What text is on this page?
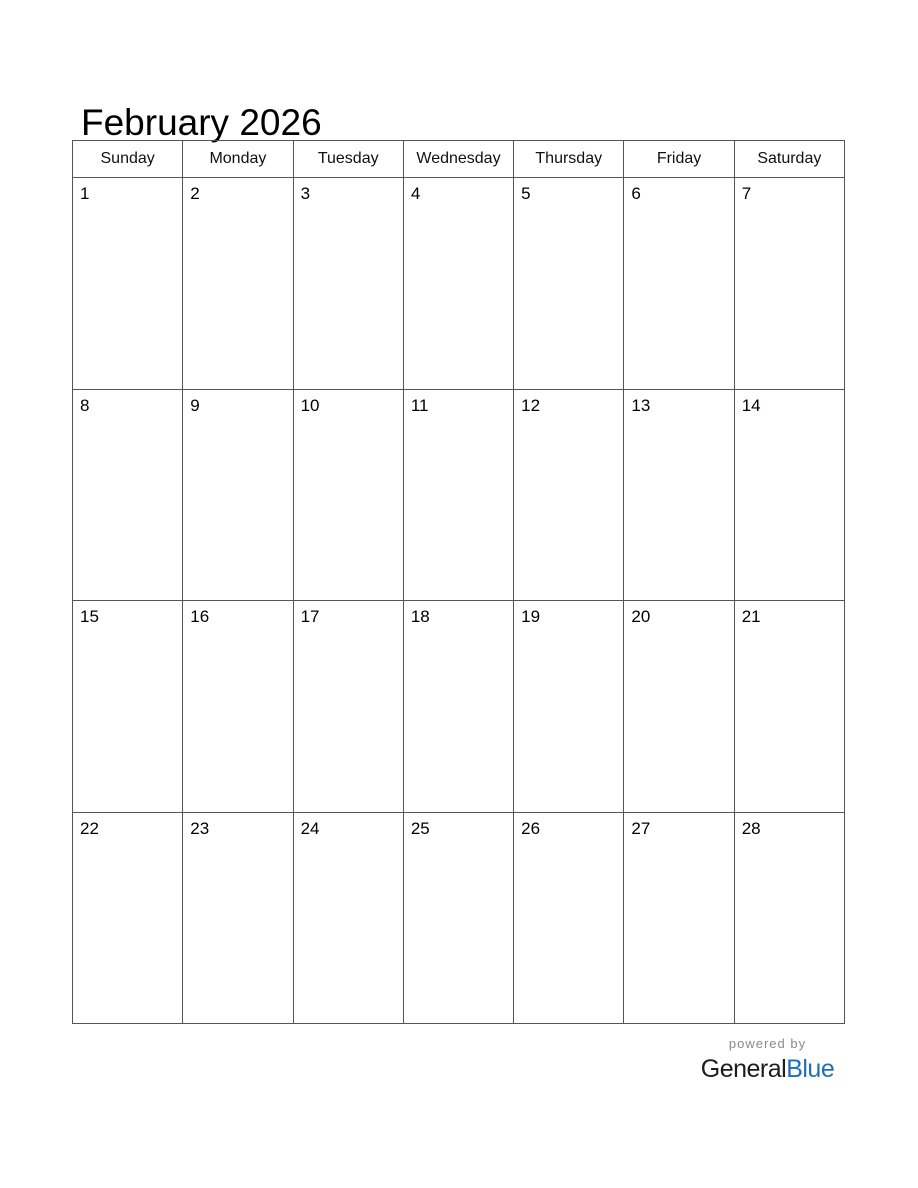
February 2026
Sunday	Monday	Tuesday	Wednesday	Thursday	Friday	Saturday

1	2	3	4	5	6	7

8	9	10	11	12	13	14

15	16	17	18	19	20	21

22	23	24	25	26	27	28
powered by
GeneralBlue
